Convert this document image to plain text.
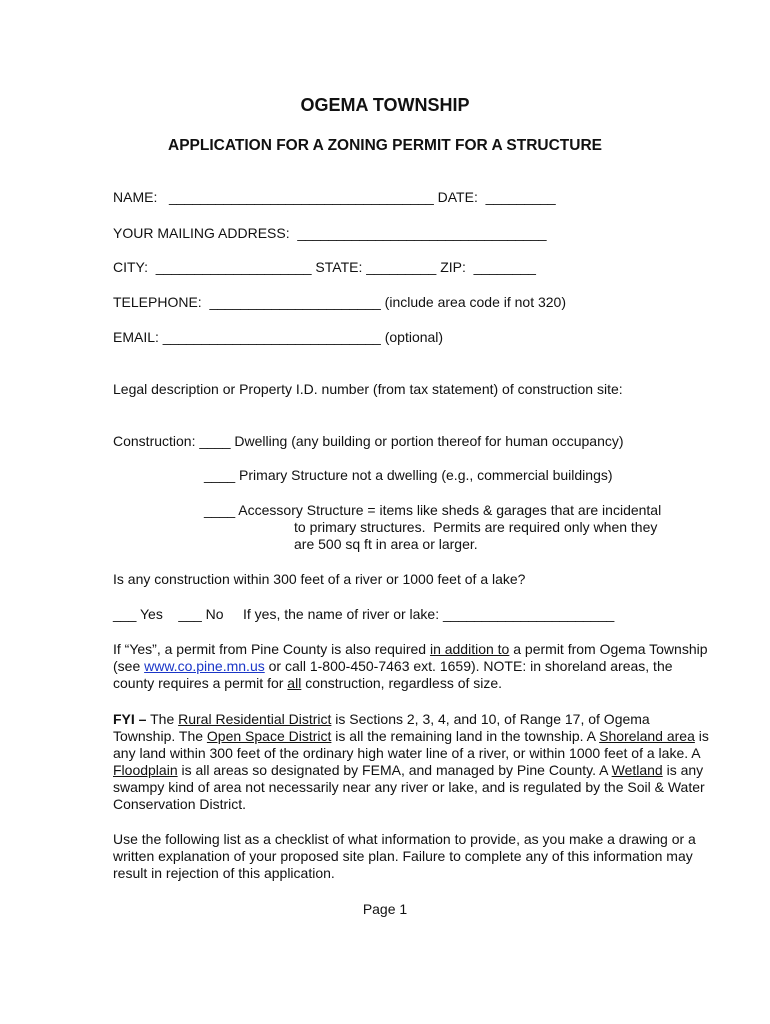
OGEMA TOWNSHIP
APPLICATION FOR A ZONING PERMIT FOR A STRUCTURE
NAME: __________________________________ DATE: _________
YOUR MAILING ADDRESS: ________________________________
CITY: ____________________ STATE: _________ ZIP: ________
TELEPHONE: ______________________ (include area code if not 320)
EMAIL: ____________________________ (optional)
Legal description or Property I.D. number (from tax statement) of construction site:
Construction: ____ Dwelling (any building or portion thereof for human occupancy)
____ Primary Structure not a dwelling (e.g., commercial buildings)
____ Accessory Structure = items like sheds & garages that are incidental
to primary structures.  Permits are required only when they
are 500 sq ft in area or larger.
Is any construction within 300 feet of a river or 1000 feet of a lake?
___ Yes ___ No If yes, the name of river or lake: ______________________

If “Yes”, a permit from Pine County is also required in addition to a permit from Ogema Township (see www.co.pine.mn.us or call 1-800-450-7463 ext. 1659). NOTE: in shoreland areas, the county requires a permit for all construction, regardless of size.

FYI – The Rural Residential District is Sections 2, 3, 4, and 10, of Range 17, of Ogema Township. The Open Space District is all the remaining land in the township. A Shoreland area is any land within 300 feet of the ordinary high water line of a river, or within 1000 feet of a lake. A Floodplain is all areas so designated by FEMA, and managed by Pine County. A Wetland is any swampy kind of area not necessarily near any river or lake, and is regulated by the Soil & Water Conservation District.

Use the following list as a checklist of what information to provide, as you make a drawing or a written explanation of your proposed site plan. Failure to complete any of this information may result in rejection of this application.

Page 1
